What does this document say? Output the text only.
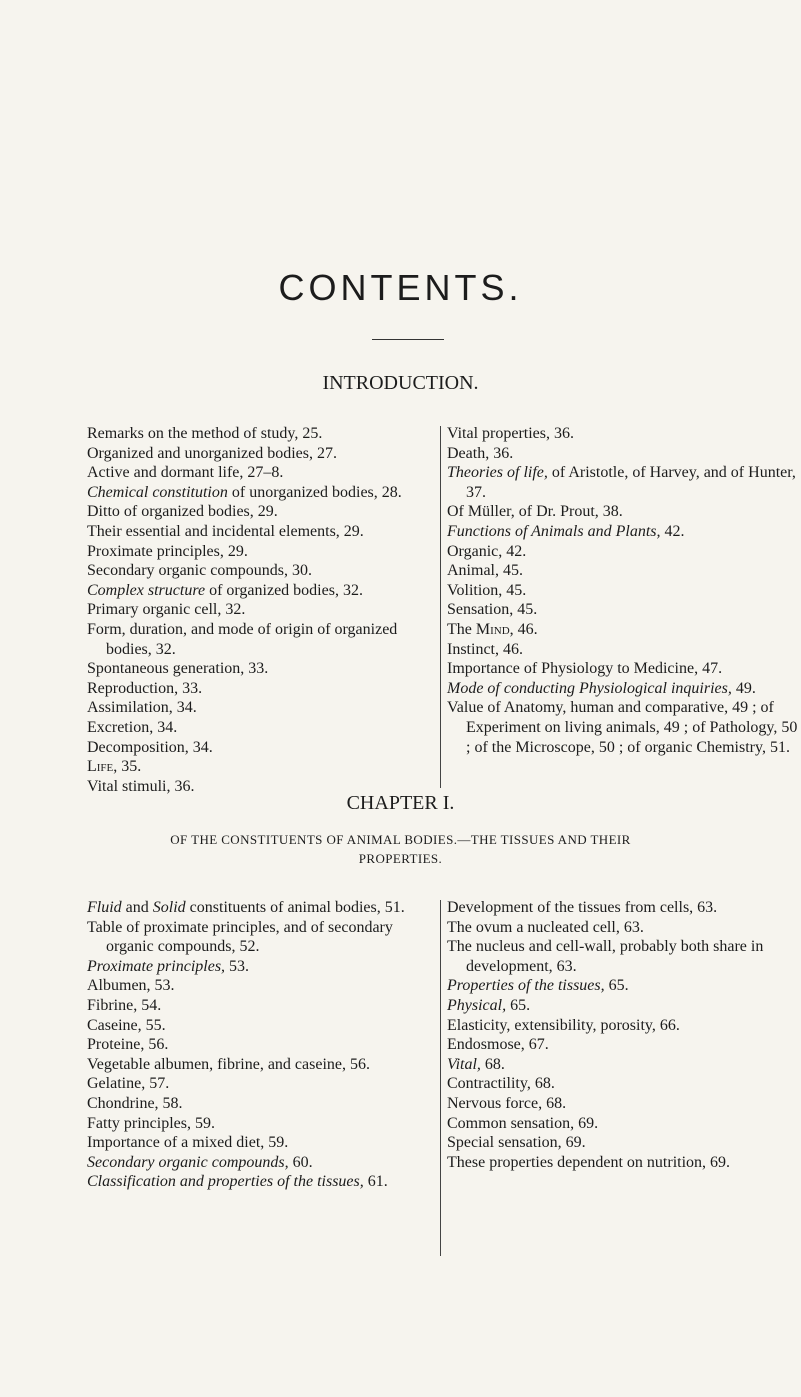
CONTENTS.
INTRODUCTION.
Remarks on the method of study, 25.
Organized and unorganized bodies, 27.
Active and dormant life, 27–8.
Chemical constitution of unorganized bodies, 28.
Ditto of organized bodies, 29.
Their essential and incidental elements, 29.
Proximate principles, 29.
Secondary organic compounds, 30.
Complex structure of organized bodies, 32.
Primary organic cell, 32.
Form, duration, and mode of origin of organized bodies, 32.
Spontaneous generation, 33.
Reproduction, 33.
Assimilation, 34.
Excretion, 34.
Decomposition, 34.
Life, 35.
Vital stimuli, 36.
Vital properties, 36.
Death, 36.
Theories of life, of Aristotle, of Harvey, and of Hunter, 37.
Of Müller, of Dr. Prout, 38.
Functions of Animals and Plants, 42.
Organic, 42.
Animal, 45.
Volition, 45.
Sensation, 45.
The Mind, 46.
Instinct, 46.
Importance of Physiology to Medicine, 47.
Mode of conducting Physiological inquiries, 49.
Value of Anatomy, human and comparative, 49 ; of Experiment on living animals, 49 ; of Pathology, 50 ; of the Microscope, 50 ; of organic Chemistry, 51.
CHAPTER I.

OF THE CONSTITUENTS OF ANIMAL BODIES.—THE TISSUES AND THEIR
PROPERTIES.

Fluid and Solid constituents of animal bodies, 51.
Table of proximate principles, and of secondary organic compounds, 52.
Proximate principles, 53.
Albumen, 53.
Fibrine, 54.
Caseine, 55.
Proteine, 56.
Vegetable albumen, fibrine, and caseine, 56.
Gelatine, 57.
Chondrine, 58.
Fatty principles, 59.
Importance of a mixed diet, 59.
Secondary organic compounds, 60.
Classification and properties of the tissues, 61.
Development of the tissues from cells, 63.
The ovum a nucleated cell, 63.
The nucleus and cell-wall, probably both share in development, 63.
Properties of the tissues, 65.
Physical, 65.
Elasticity, extensibility, porosity, 66.
Endosmose, 67.
Vital, 68.
Contractility, 68.
Nervous force, 68.
Common sensation, 69.
Special sensation, 69.
These properties dependent on nutrition, 69.
